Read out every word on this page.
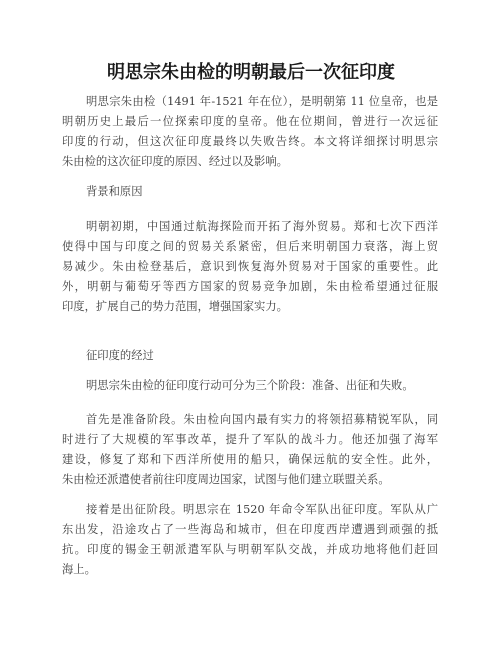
明思宗朱由检的明朝最后一次征印度
明思宗朱由检（1491 年-1521 年在位），是明朝第 11 位皇帝，也是
明朝历史上最后一位探索印度的皇帝。他在位期间，曾进行一次远征
印度的行动，但这次征印度最终以失败告终。本文将详细探讨明思宗
朱由检的这次征印度的原因、经过以及影响。

背景和原因

明朝初期，中国通过航海探险而开拓了海外贸易。郑和七次下西洋
使得中国与印度之间的贸易关系紧密，但后来明朝国力衰落，海上贸
易减少。朱由检登基后，意识到恢复海外贸易对于国家的重要性。此
外，明朝与葡萄牙等西方国家的贸易竞争加剧，朱由检希望通过征服
印度，扩展自己的势力范围，增强国家实力。

征印度的经过

明思宗朱由检的征印度行动可分为三个阶段：准备、出征和失败。
首先是准备阶段。朱由检向国内最有实力的将领招募精锐军队，同
时进行了大规模的军事改革，提升了军队的战斗力。他还加强了海军
建设，修复了郑和下西洋所使用的船只，确保远航的安全性。此外，
朱由检还派遣使者前往印度周边国家，试图与他们建立联盟关系。
接着是出征阶段。明思宗在 1520 年命令军队出征印度。军队从广
东出发，沿途攻占了一些海岛和城市，但在印度西岸遭遇到顽强的抵
抗。印度的锡金王朝派遣军队与明朝军队交战，并成功地将他们赶回
海上。
